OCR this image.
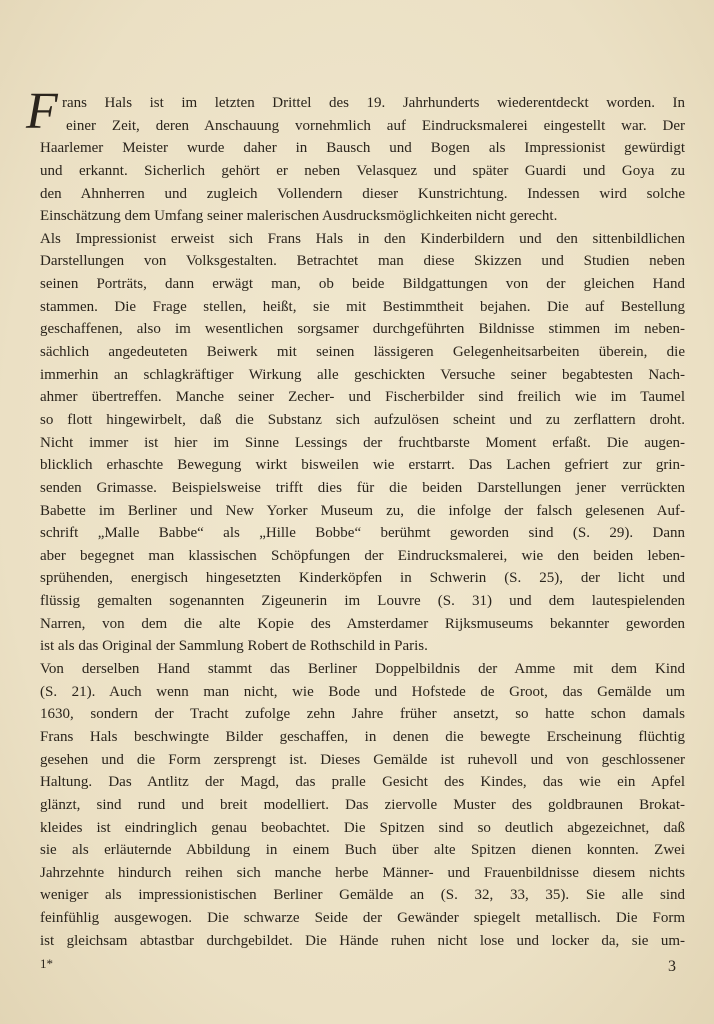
F rans Hals ist im letzten Drittel des 19. Jahrhunderts wiederentdeckt worden. In
einer Zeit, deren Anschauung vornehmlich auf Eindrucksmalerei eingestellt war. Der
Haarlemer Meister wurde daher in Bausch und Bogen als Impressionist gewürdigt
und erkannt. Sicherlich gehört er neben Velasquez und später Guardi und Goya zu
den Ahnherren und zugleich Vollendern dieser Kunstrichtung. Indessen wird solche
Einschätzung dem Umfang seiner malerischen Ausdrucksmöglichkeiten nicht gerecht.
Als Impressionist erweist sich Frans Hals in den Kinderbildern und den sittenbildlichen
Darstellungen von Volksgestalten. Betrachtet man diese Skizzen und Studien neben
seinen Porträts, dann erwägt man, ob beide Bildgattungen von der gleichen Hand
stammen. Die Frage stellen, heißt, sie mit Bestimmtheit bejahen. Die auf Bestellung
geschaffenen, also im wesentlichen sorgsamer durchgeführten Bildnisse stimmen im neben-
sächlich angedeuteten Beiwerk mit seinen lässigeren Gelegenheitsarbeiten überein, die
immerhin an schlagkräftiger Wirkung alle geschickten Versuche seiner begabtesten Nach-
ahmer übertreffen. Manche seiner Zecher- und Fischerbilder sind freilich wie im Taumel
so flott hingewirbelt, daß die Substanz sich aufzulösen scheint und zu zerflattern droht.
Nicht immer ist hier im Sinne Lessings der fruchtbarste Moment erfaßt. Die augen-
blicklich erhaschte Bewegung wirkt bisweilen wie erstarrt. Das Lachen gefriert zur grin-
senden Grimasse. Beispielsweise trifft dies für die beiden Darstellungen jener verrückten
Babette im Berliner und New Yorker Museum zu, die infolge der falsch gelesenen Auf-
schrift „Malle Babbe“ als „Hille Bobbe“ berühmt geworden sind (S. 29). Dann
aber begegnet man klassischen Schöpfungen der Eindrucksmalerei, wie den beiden leben-
sprühenden, energisch hingesetzten Kinderköpfen in Schwerin (S. 25), der licht und
flüssig gemalten sogenannten Zigeunerin im Louvre (S. 31) und dem lautespielenden
Narren, von dem die alte Kopie des Amsterdamer Rijksmuseums bekannter geworden
ist als das Original der Sammlung Robert de Rothschild in Paris.
Von derselben Hand stammt das Berliner Doppelbildnis der Amme mit dem Kind
(S. 21). Auch wenn man nicht, wie Bode und Hofstede de Groot, das Gemälde um
1630, sondern der Tracht zufolge zehn Jahre früher ansetzt, so hatte schon damals
Frans Hals beschwingte Bilder geschaffen, in denen die bewegte Erscheinung flüchtig
gesehen und die Form zersprengt ist. Dieses Gemälde ist ruhevoll und von geschlossener
Haltung. Das Antlitz der Magd, das pralle Gesicht des Kindes, das wie ein Apfel
glänzt, sind rund und breit modelliert. Das ziervolle Muster des goldbraunen Brokat-
kleides ist eindringlich genau beobachtet. Die Spitzen sind so deutlich abgezeichnet, daß
sie als erläuternde Abbildung in einem Buch über alte Spitzen dienen konnten. Zwei
Jahrzehnte hindurch reihen sich manche herbe Männer- und Frauenbildnisse diesem nichts
weniger als impressionistischen Berliner Gemälde an (S. 32, 33, 35). Sie alle sind
feinfühlig ausgewogen. Die schwarze Seide der Gewänder spiegelt metallisch. Die Form
ist gleichsam abtastbar durchgebildet. Die Hände ruhen nicht lose und locker da, sie um-
1*	3
